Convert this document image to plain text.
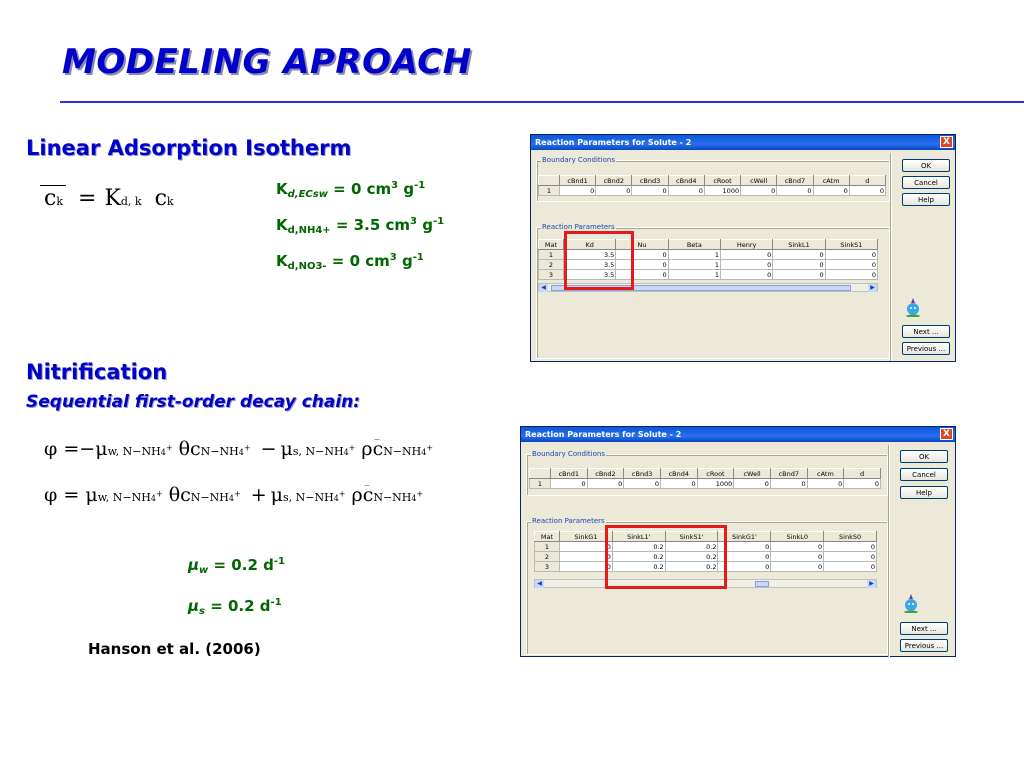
MODELING APROACH
Linear Adsorption Isotherm
ck = Kd, k ck
$K_{d,ECsw} = 0$ $cm^3$ $g^{-1}$
$K_{d,NH4+} = 3.5$ $cm^3$ $g^{-1}$
$K_{d,NO3-} = 0$ $cm^3$ $g^{-1}$
Nitrification
Sequential first-order decay chain:
φ =−μw, N−NH4+ θcN−NH4+ − μs, N−NH4+
_
ρcN−NH4+
φ = μw, N−NH4+ θcN−NH4+ + μs, N−NH4+
_
ρcN−NH4+
$\mu_w = 0.2$ $d^{-1}$
$\mu_s = 0.2$ $d^{-1}$
Hanson et al. (2006)
Reaction Parameters for Solute - 2	X
Boundary Conditions
	cBnd1	cBnd2	cBnd3	cBnd4	cRoot	cWell	cBnd7	cAtm	d
1	0	0	0	0	1000	0	0	0	0
Reaction Parameters
Mat	Kd	Nu	Beta	Henry	SinkL1	SinkS1
1	3.5	0	1	0	0	0
2	3.5	0	1	0	0	0
3	3.5	0	1	0	0	0
◀	▶
OK
Cancel
Help
Next ...
Previous ...
Reaction Parameters for Solute - 2	X
Boundary Conditions
	cBnd1	cBnd2	cBnd3	cBnd4	cRoot	cWell	cBnd7	cAtm	d
1	0	0	0	0	1000	0	0	0	0
Reaction Parameters
Mat	SinkG1	SinkL1'	SinkS1'	SinkG1'	SinkL0	SinkS0
1	0	0.2	0.2	0	0	0
2	0	0.2	0.2	0	0	0
3	0	0.2	0.2	0	0	0
◀	▶
OK
Cancel
Help
Next ...
Previous ...
